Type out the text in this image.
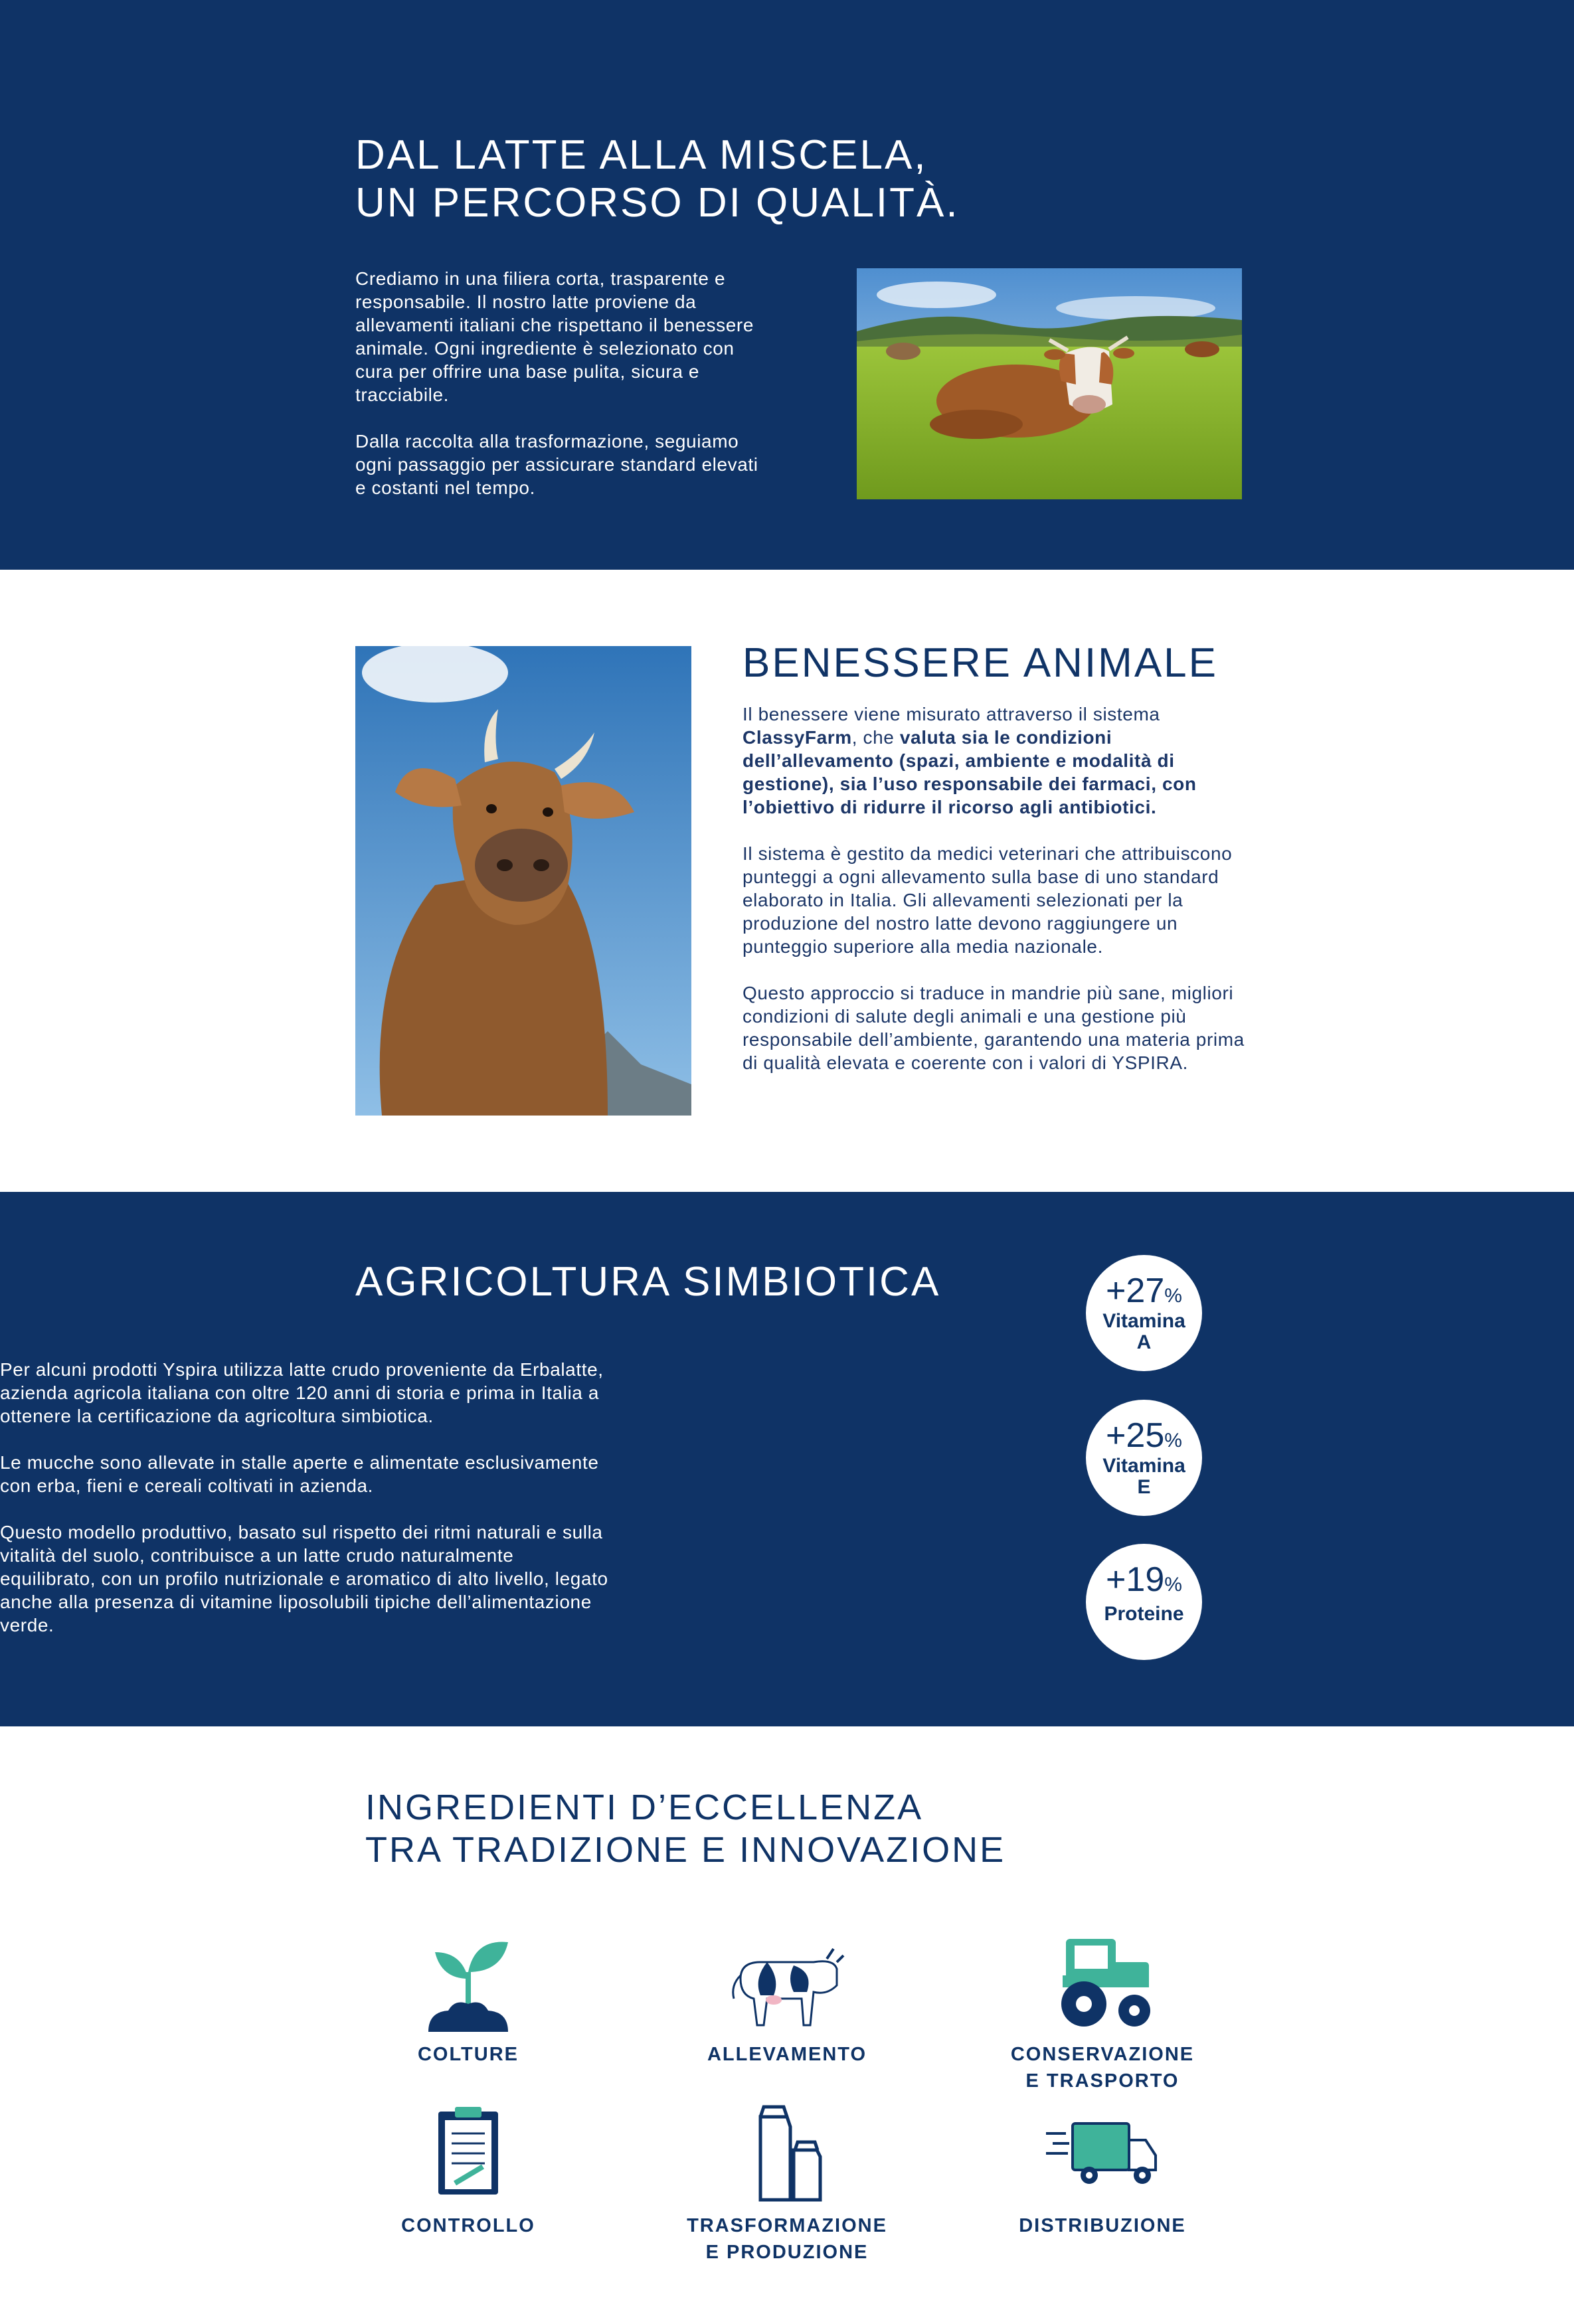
DAL LATTE ALLA MISCELA,
UN PERCORSO DI QUALITÀ.

Crediamo in una filiera corta, trasparente e responsabile. Il nostro latte proviene da allevamenti italiani che rispettano il benessere animale. Ogni ingrediente è selezionato con cura per offrire una base pulita, sicura e tracciabile.

Dalla raccolta alla trasformazione, seguiamo ogni passaggio per assicurare standard elevati e costanti nel tempo.

BENESSERE ANIMALE

Il benessere viene misurato attraverso il sistema ClassyFarm, che valuta sia le condizioni dell’allevamento (spazi, ambiente e modalità di gestione), sia l’uso responsabile dei farmaci, con l’obiettivo di ridurre il ricorso agli antibiotici.

Il sistema è gestito da medici veterinari che attribuiscono punteggi a ogni allevamento sulla base di uno standard elaborato in Italia. Gli allevamenti selezionati per la produzione del nostro latte devono raggiungere un punteggio superiore alla media nazionale.

Questo approccio si traduce in mandrie più sane, migliori condizioni di salute degli animali e una gestione più responsabile dell’ambiente, garantendo una materia prima di qualità elevata e coerente con i valori di YSPIRA.

AGRICOLTURA SIMBIOTICA

Per alcuni prodotti Yspira utilizza latte crudo proveniente da Erbalatte, azienda agricola italiana con oltre 120 anni di storia e prima in Italia a ottenere la certificazione da agricoltura simbiotica.

Le mucche sono allevate in stalle aperte e alimentate esclusivamente con erba, fieni e cereali coltivati in azienda.

Questo modello produttivo, basato sul rispetto dei ritmi naturali e sulla vitalità del suolo, contribuisce a un latte crudo naturalmente equilibrato, con un profilo nutrizionale e aromatico di alto livello, legato anche alla presenza di vitamine liposolubili tipiche dell’alimentazione verde.

+27%
Vitamina
A
+25%
Vitamina
E
+19%
Proteine
INGREDIENTI D’ECCELLENZA
TRA TRADIZIONE E INNOVAZIONE
COLTURE	ALLEVAMENTO	CONSERVAZIONE
E TRASPORTO
CONTROLLO	TRASFORMAZIONE
E PRODUZIONE
DISTRIBUZIONE
